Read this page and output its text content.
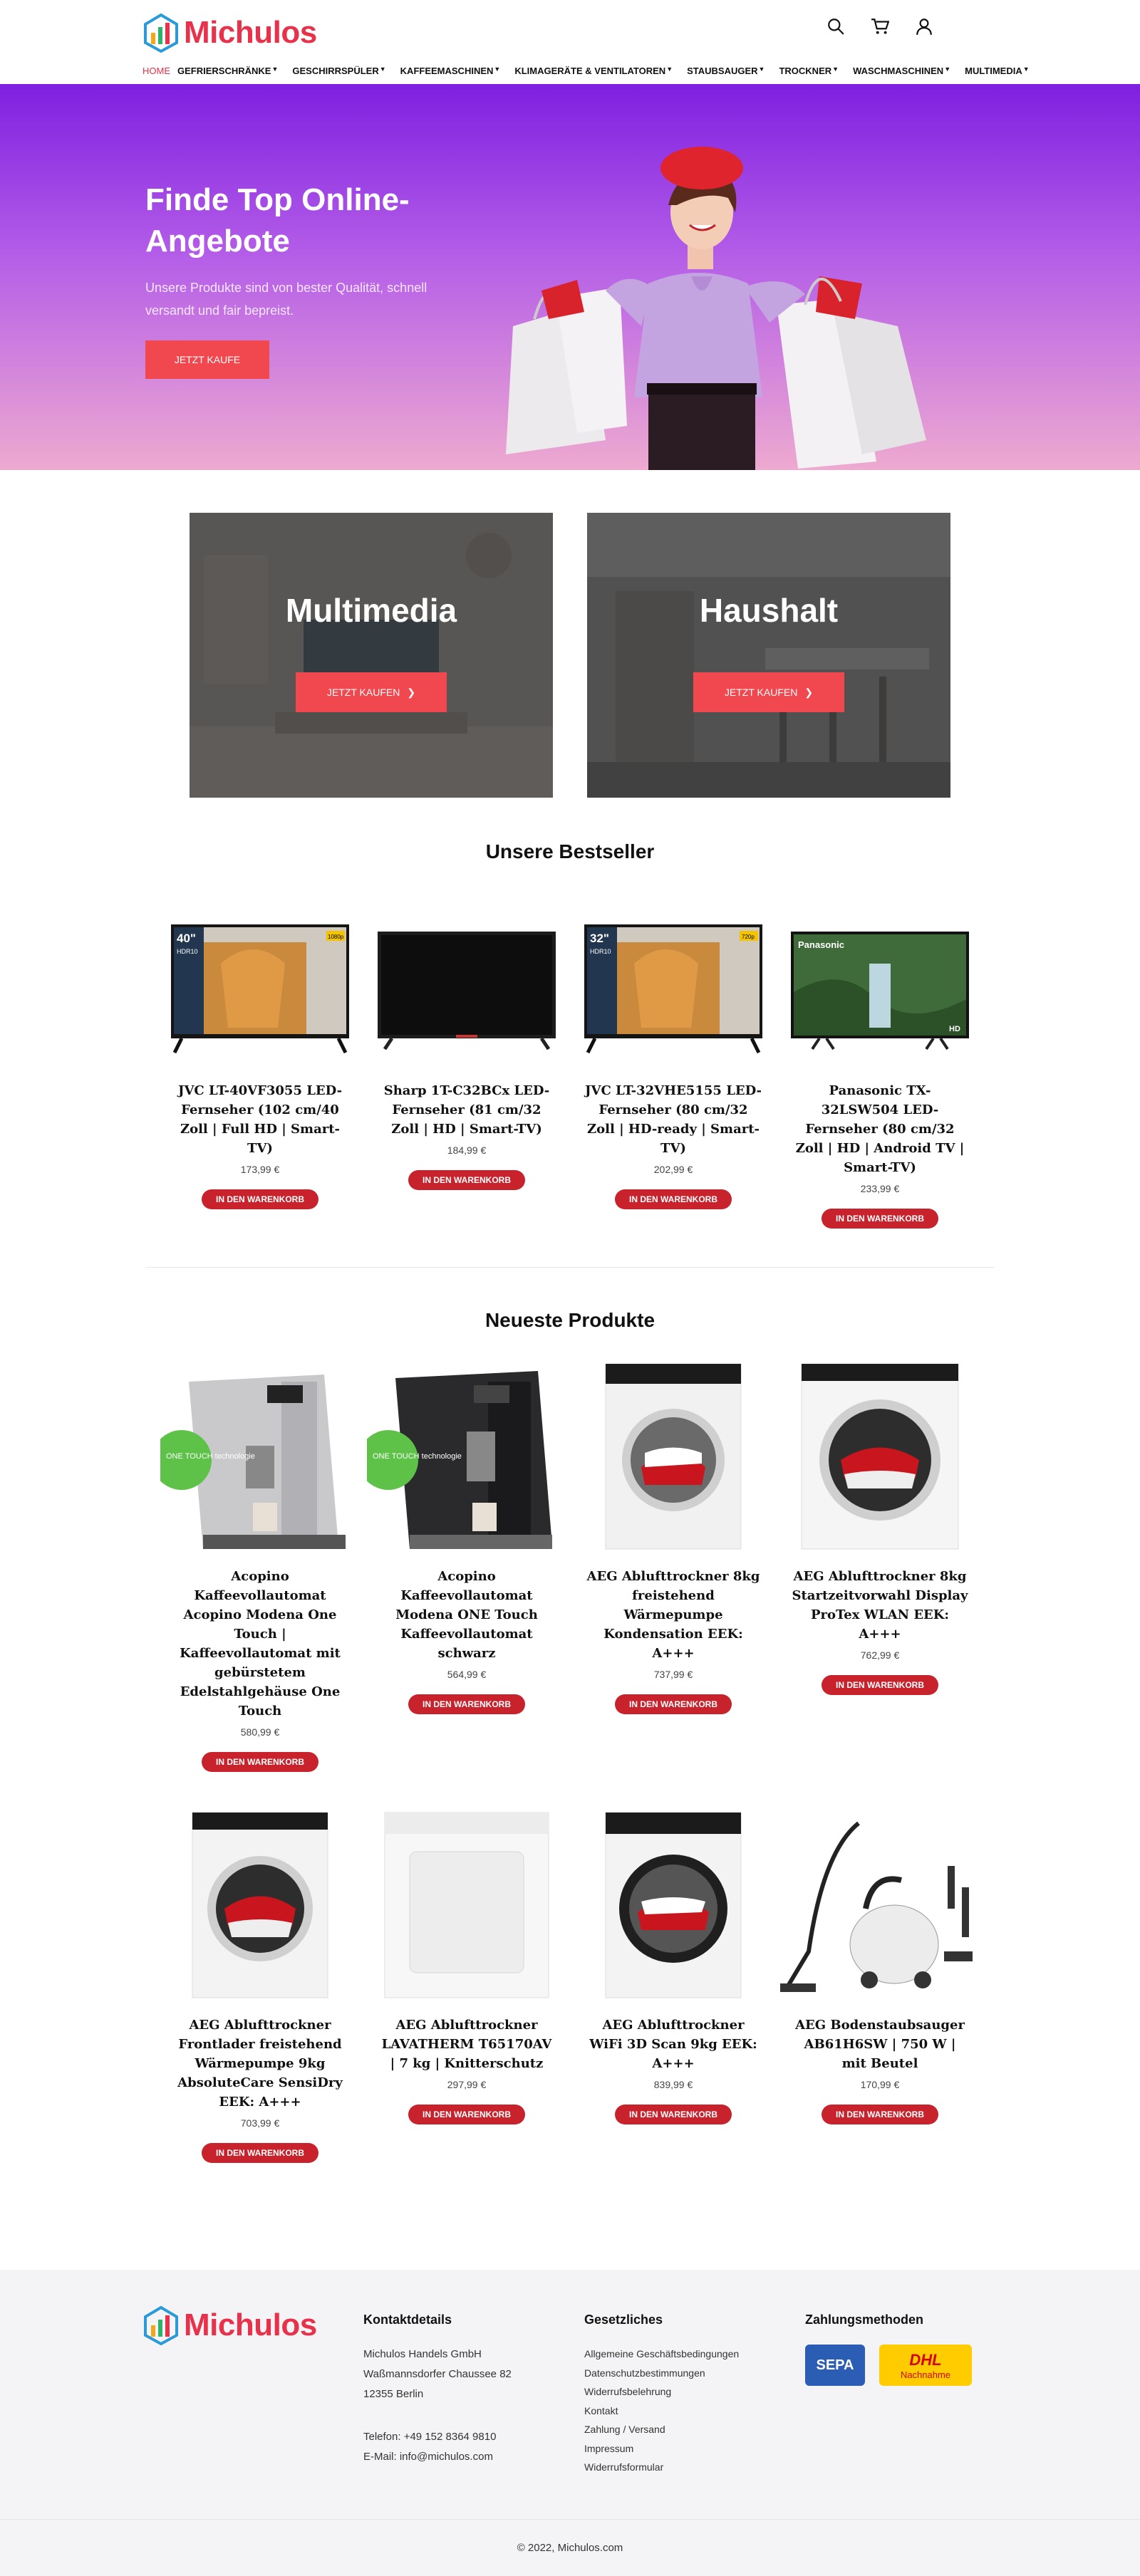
Michulos
HOME GEFRIERSCHRÄNKE▼	GESCHIRRSPÜLER▼	KAFFEEMASCHINEN▼	KLIMAGERÄTE & VENTILATOREN▼	STAUBSAUGER▼	TROCKNER▼	WASCHMASCHINEN▼	MULTIMEDIA▼
Finde Top Online-Angebote

Unsere Produkte sind von bester Qualität, schnell versandt und fair bepreist.

JETZT KAUFE
Multimedia
JETZT KAUFEN ❯
Haushalt
JETZT KAUFEN ❯
Unsere Bestseller
40"
HDR10
1080p
JVC LT-40VF3055 LED-Fernseher (102 cm/40 Zoll | Full HD | Smart-TV)
173,99 €
IN DEN WARENKORB
Sharp 1T-C32BCx LED-Fernseher (81 cm/32 Zoll | HD | Smart-TV)
184,99 €
IN DEN WARENKORB
32"
HDR10
720p
JVC LT-32VHE5155 LED-Fernseher (80 cm/32 Zoll | HD-ready | Smart-TV)
202,99 €
IN DEN WARENKORB
Panasonic
HD
Panasonic TX-32LSW504 LED-Fernseher (80 cm/32 Zoll | HD | Android TV | Smart-TV)
233,99 €
IN DEN WARENKORB
Neueste Produkte
ONE TOUCH technologie
Acopino Kaffeevollautomat Acopino Modena One Touch | Kaffeevollautomat mit gebürstetem Edelstahlgehäuse One Touch
580,99 €
IN DEN WARENKORB
ONE TOUCH technologie
Acopino Kaffeevollautomat Modena ONE Touch Kaffeevollautomat schwarz
564,99 €
IN DEN WARENKORB
AEG Ablufttrockner 8kg freistehend Wärmepumpe Kondensation EEK: A+++
737,99 €
IN DEN WARENKORB
AEG Ablufttrockner 8kg Startzeitvorwahl Display ProTex WLAN EEK: A+++
762,99 €
IN DEN WARENKORB
AEG Ablufttrockner Frontlader freistehend Wärmepumpe 9kg AbsoluteCare SensiDry EEK: A+++
703,99 €
IN DEN WARENKORB
AEG Ablufttrockner LAVATHERM T65170AV | 7 kg | Knitterschutz
297,99 €
IN DEN WARENKORB
AEG Ablufttrockner WiFi 3D Scan 9kg EEK: A+++
839,99 €
IN DEN WARENKORB
AEG Bodenstaubsauger AB61H6SW | 750 W | mit Beutel
170,99 €
IN DEN WARENKORB
Michulos	Kontaktdetails
Michulos Handels GmbH
Waßmannsdorfer Chaussee 82
12355 Berlin
Telefon: +49 152 8364 9810
E-Mail: info@michulos.com
Gesetzliches
Allgemeine Geschäftsbedingungen
Datenschutzbestimmungen
Widerrufsbelehrung
Kontakt
Zahlung / Versand
Impressum
Widerrufsformular
Zahlungsmethoden
SEPA	DHL
Nachnahme
© 2022, Michulos.com
